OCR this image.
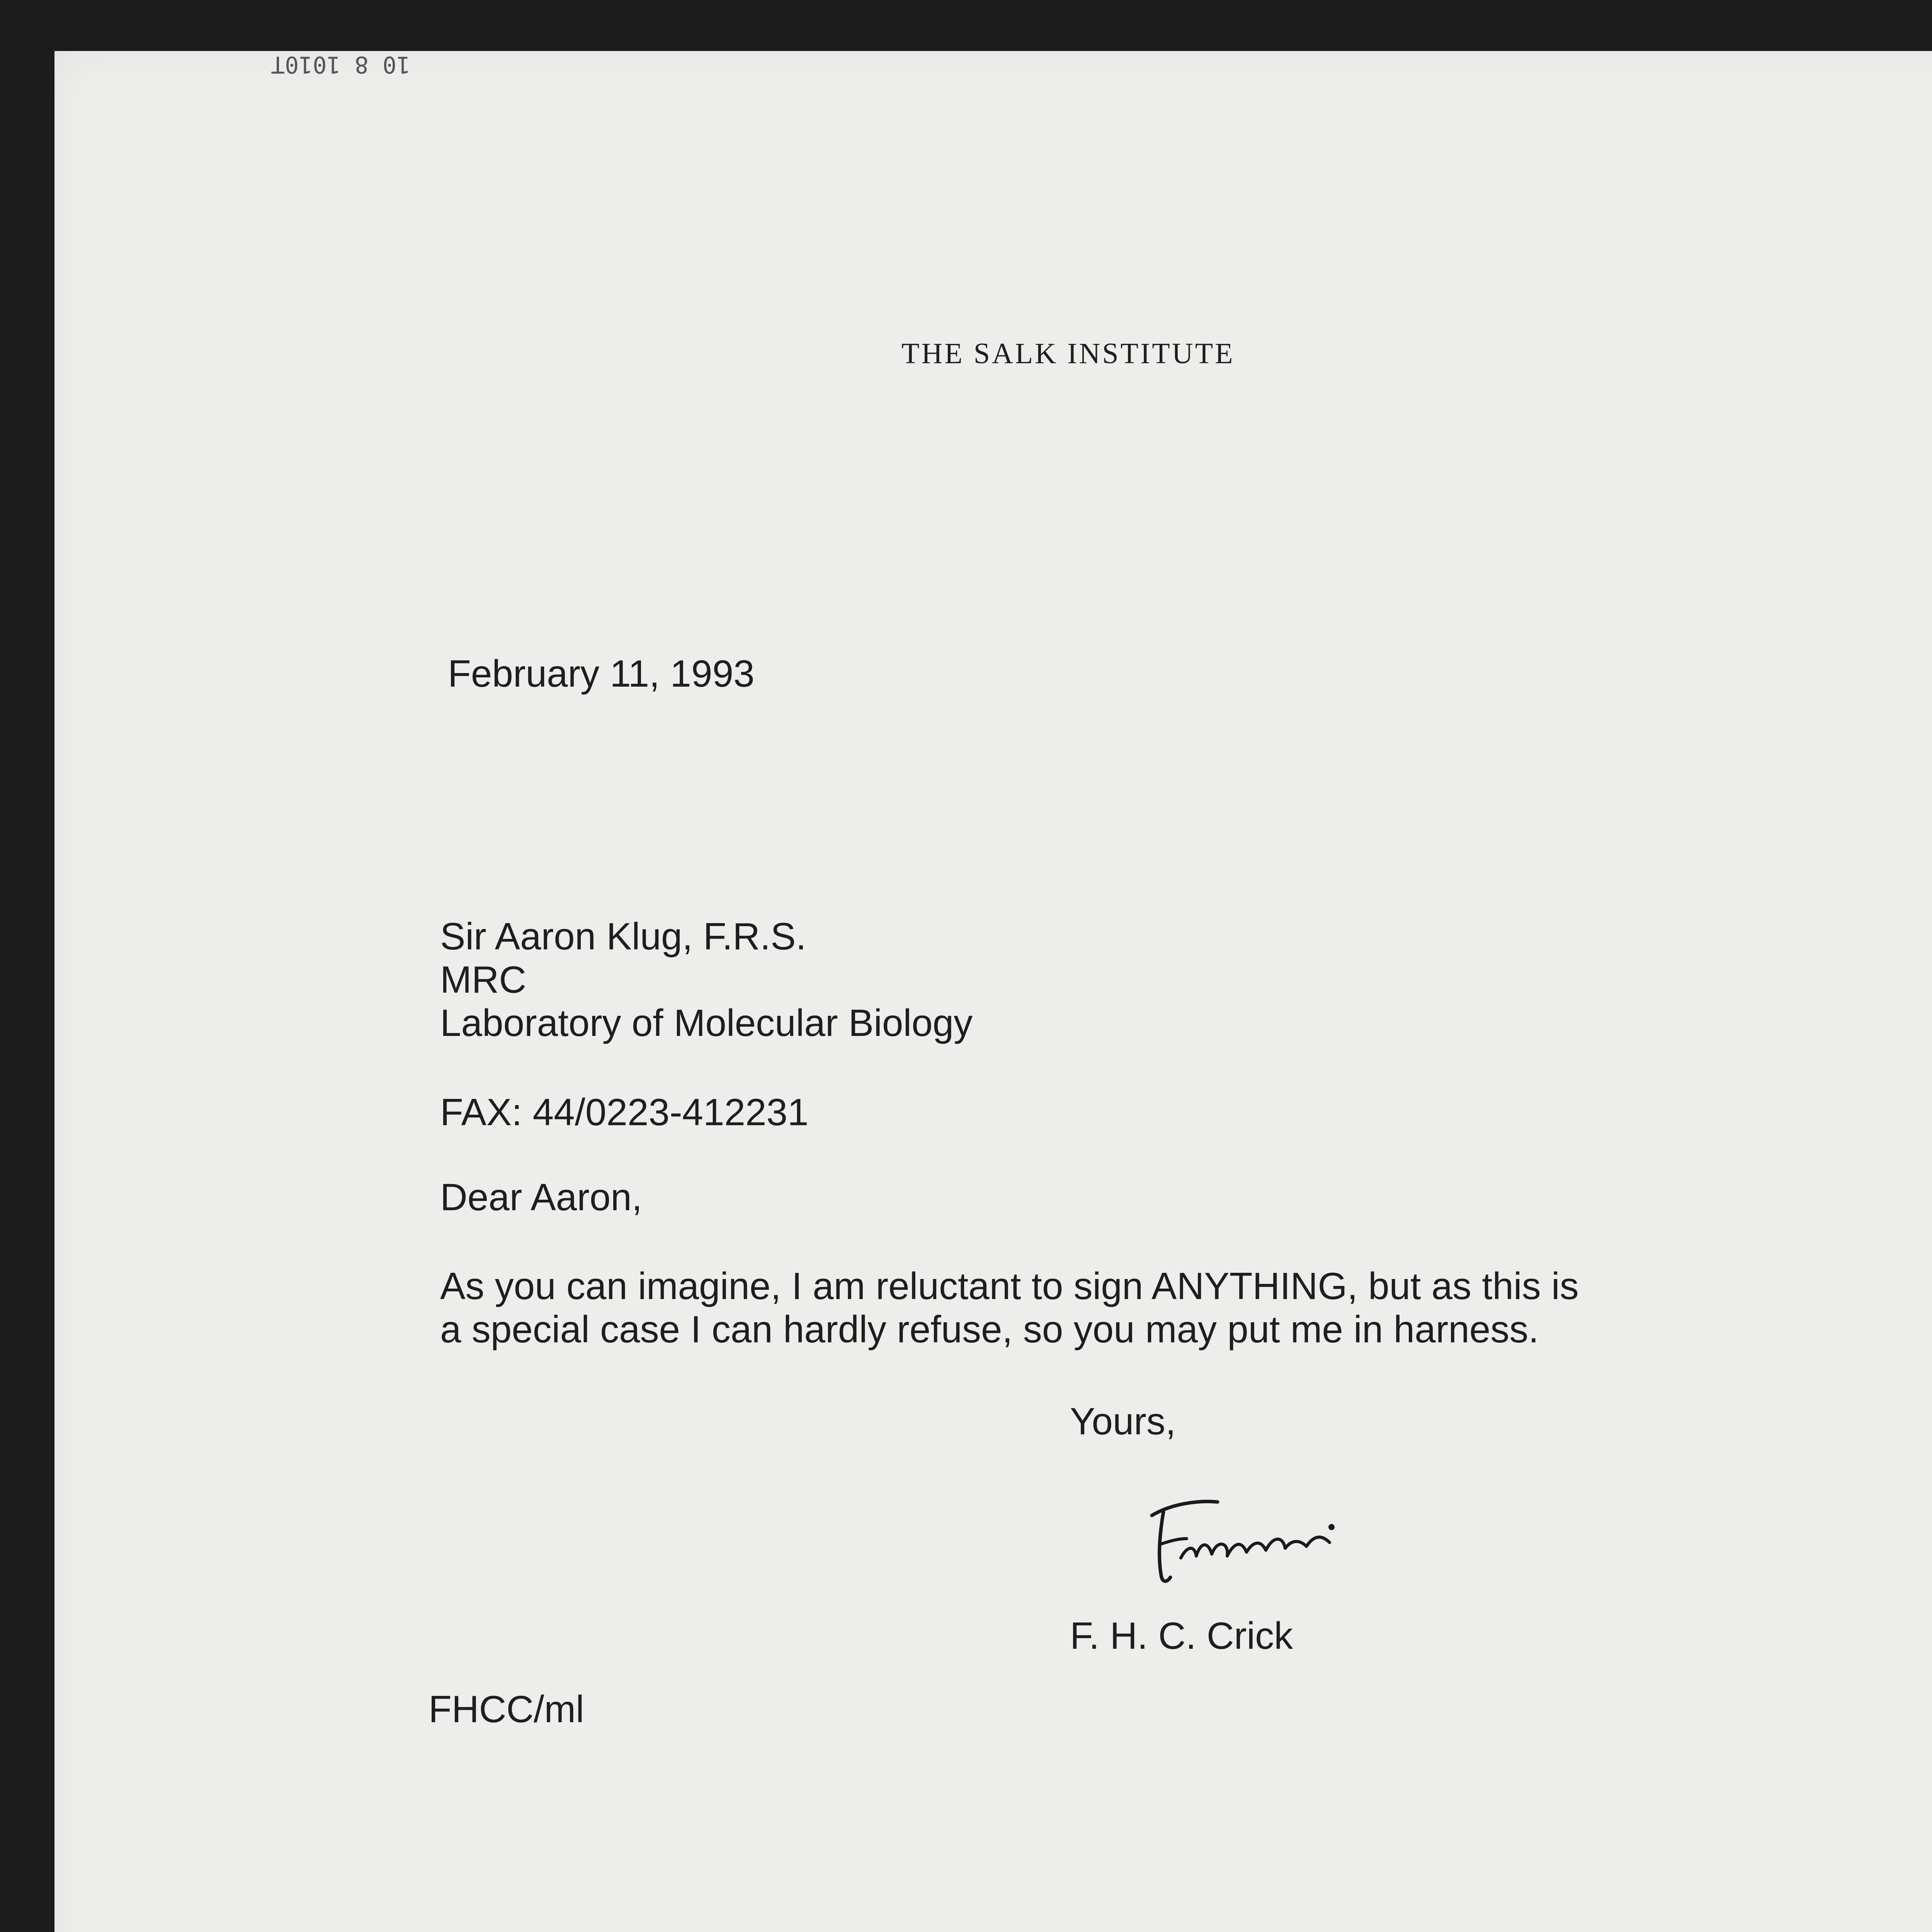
10 8 1010T
THE SALK INSTITUTE
February 11, 1993
Sir Aaron Klug, F.R.S.
MRC
Laboratory of Molecular Biology
FAX: 44/0223-412231
Dear Aaron,
As you can imagine, I am reluctant to sign ANYTHING, but as this is
a special case I can hardly refuse, so you may put me in harness.
Yours,
F. H. C. Crick
FHCC/ml
